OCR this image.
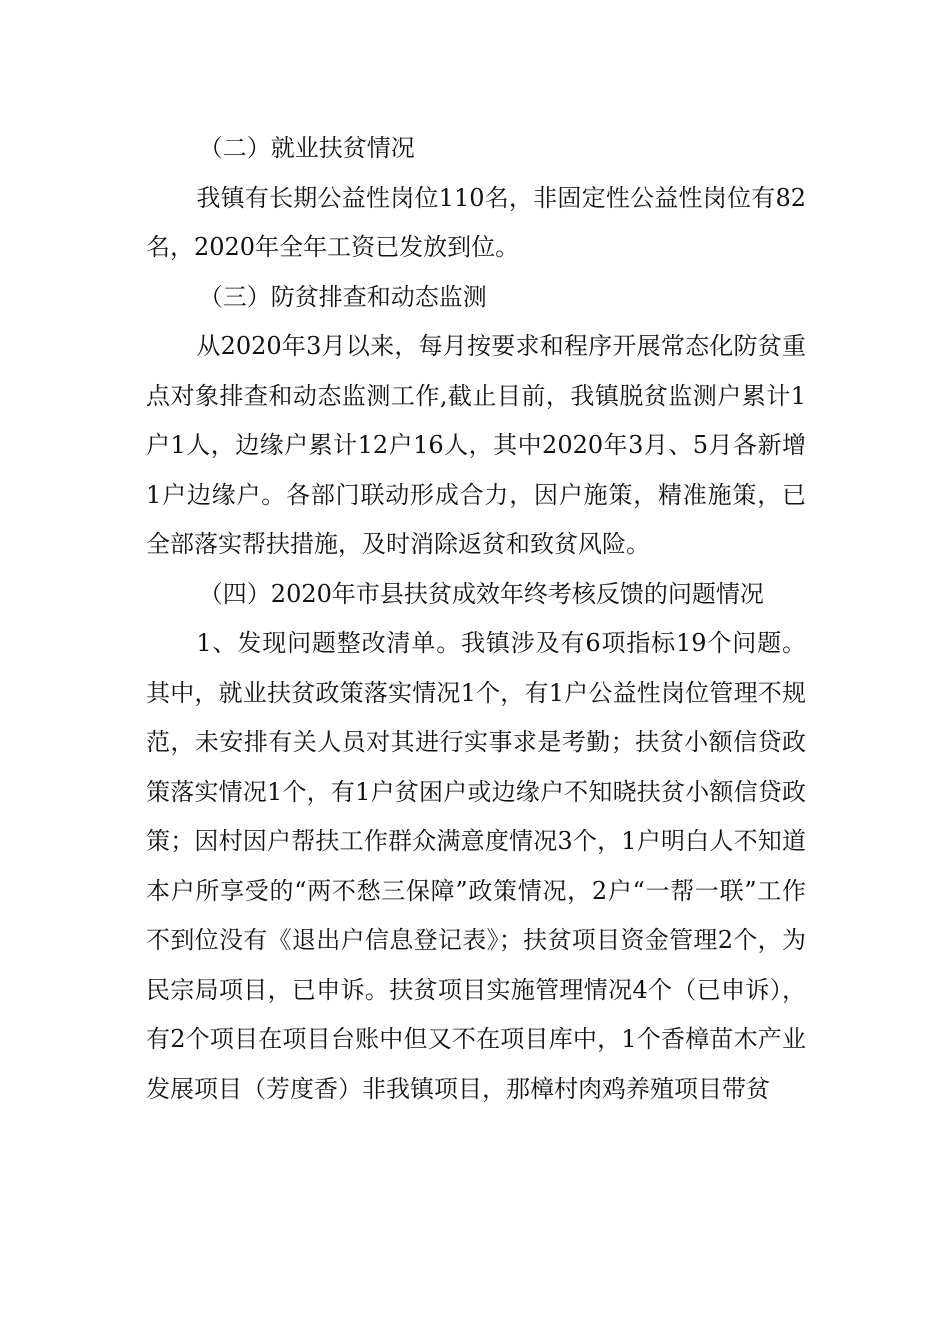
（二）就业扶贫情况

我镇有长期公益性岗位110名，非固定性公益性岗位有82名，2020年全年工资已发放到位。

（三）防贫排查和动态监测

从2020年3月以来，每月按要求和程序开展常态化防贫重点对象排查和动态监测工作,截止目前，我镇脱贫监测户累计1户1人，边缘户累计12户16人，其中2020年3月、5月各新增1户边缘户。各部门联动形成合力，因户施策，精准施策，已全部落实帮扶措施，及时消除返贫和致贫风险。

（四）2020年市县扶贫成效年终考核反馈的问题情况

1、发现问题整改清单。我镇涉及有6项指标19个问题。其中，就业扶贫政策落实情况1个，有1户公益性岗位管理不规范，未安排有关人员对其进行实事求是考勤；扶贫小额信贷政策落实情况1个，有1户贫困户或边缘户不知晓扶贫小额信贷政策；因村因户帮扶工作群众满意度情况3个，1户明白人不知道本户所享受的“两不愁三保障”政策情况，2户“一帮一联”工作不到位没有《退出户信息登记表》；扶贫项目资金管理2个，为民宗局项目，已申诉。扶贫项目实施管理情况4个（已申诉），有2个项目在项目台账中但又不在项目库中，1个香樟苗木产业发展项目（芳度香）非我镇项目，那樟村肉鸡养殖项目带贫
